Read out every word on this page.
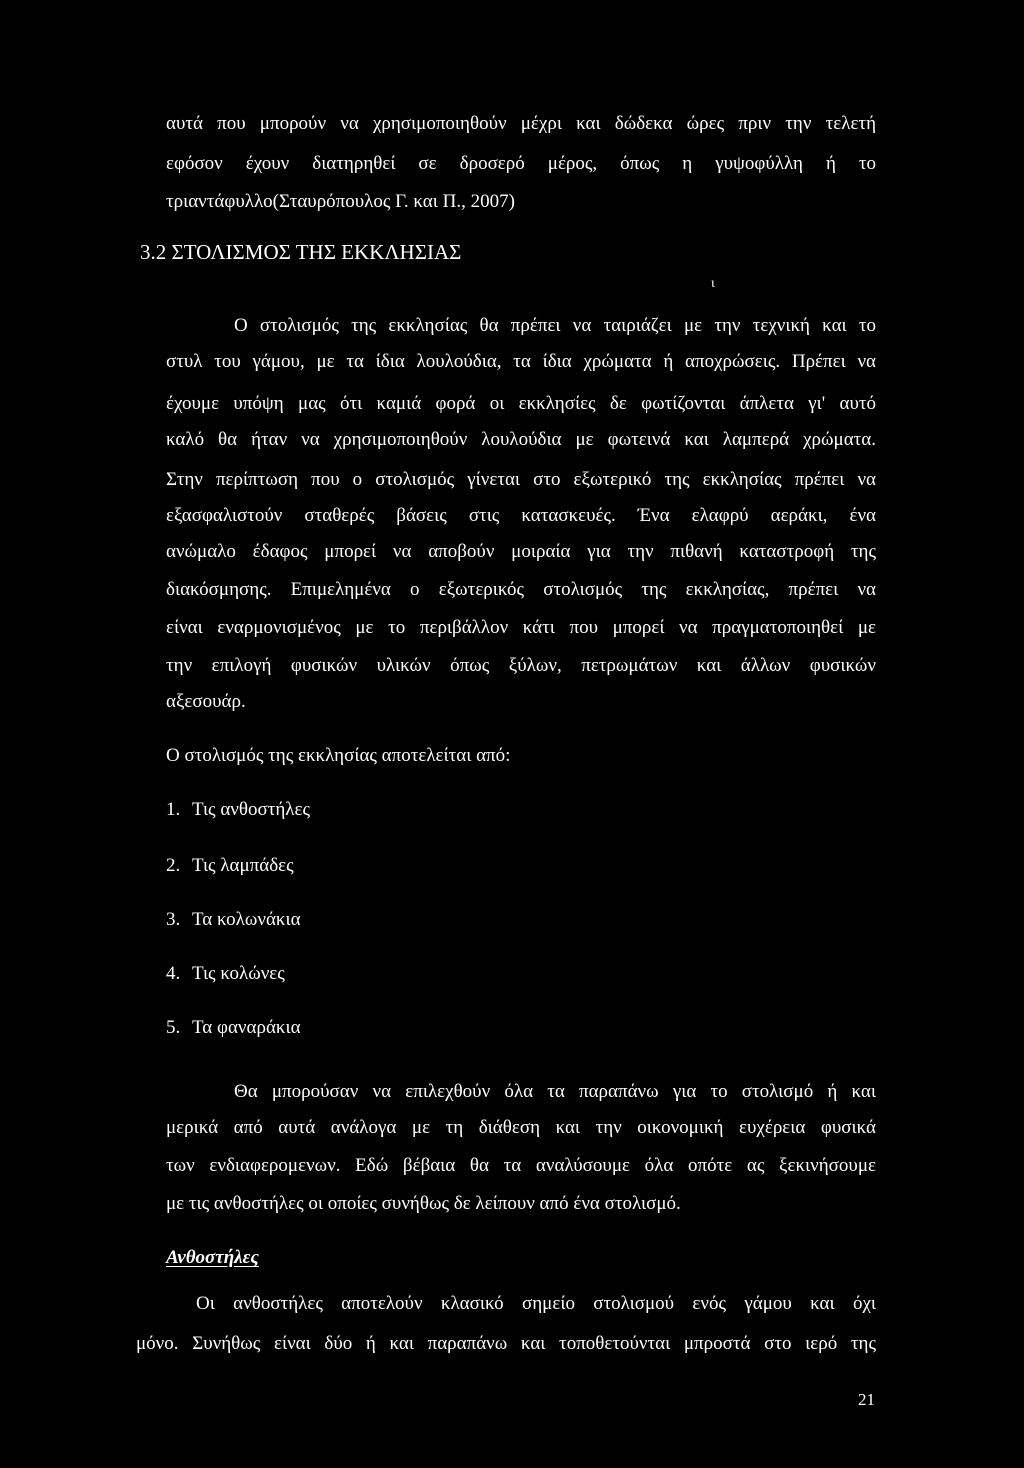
αυτά που μπορούν να χρησιμοποιηθούν μέχρι και δώδεκα ώρες πριν την τελετή
εφόσον έχουν διατηρηθεί σε δροσερό μέρος, όπως η γυψοφύλλη ή το
τριαντάφυλλο(Σταυρόπουλος Γ. και Π., 2007)
3.2 ΣΤΟΛΙΣΜΟΣ ΤΗΣ ΕΚΚΛΗΣΙΑΣ
ι
Ο στολισμός της εκκλησίας θα πρέπει να ταιριάζει με την τεχνική και το
στυλ του γάμου, με τα ίδια λουλούδια, τα ίδια χρώματα ή αποχρώσεις. Πρέπει να
έχουμε υπόψη μας ότι καμιά φορά οι εκκλησίες δε φωτίζονται άπλετα γι' αυτό
καλό θα ήταν να χρησιμοποιηθούν λουλούδια με φωτεινά και λαμπερά χρώματα.
Στην περίπτωση που ο στολισμός γίνεται στο εξωτερικό της εκκλησίας πρέπει να
εξασφαλιστούν σταθερές βάσεις στις κατασκευές. Ένα ελαφρύ αεράκι, ένα
ανώμαλο έδαφος μπορεί να αποβούν μοιραία για την πιθανή καταστροφή της
διακόσμησης. Επιμελημένα ο εξωτερικός στολισμός της εκκλησίας, πρέπει να
είναι εναρμονισμένος με το περιβάλλον κάτι που μπορεί να πραγματοποιηθεί με
την επιλογή φυσικών υλικών όπως ξύλων, πετρωμάτων και άλλων φυσικών
αξεσουάρ.
Ο στολισμός της εκκλησίας αποτελείται από:
1. Τις ανθοστήλες
2. Τις λαμπάδες
3. Τα κολωνάκια
4. Τις κολώνες
5. Τα φαναράκια
Θα μπορούσαν να επιλεχθούν όλα τα παραπάνω για το στολισμό ή και
μερικά από αυτά ανάλογα με τη διάθεση και την οικονομική ευχέρεια φυσικά
των ενδιαφερομενων. Εδώ βέβαια θα τα αναλύσουμε όλα οπότε ας ξεκινήσουμε
με τις ανθοστήλες οι οποίες συνήθως δε λείπουν από ένα στολισμό.
Ανθοστήλες
Οι ανθοστήλες αποτελούν κλασικό σημείο στολισμού ενός γάμου και όχι
μόνο. Συνήθως είναι δύο ή και παραπάνω και τοποθετούνται μπροστά στο ιερό της
21
